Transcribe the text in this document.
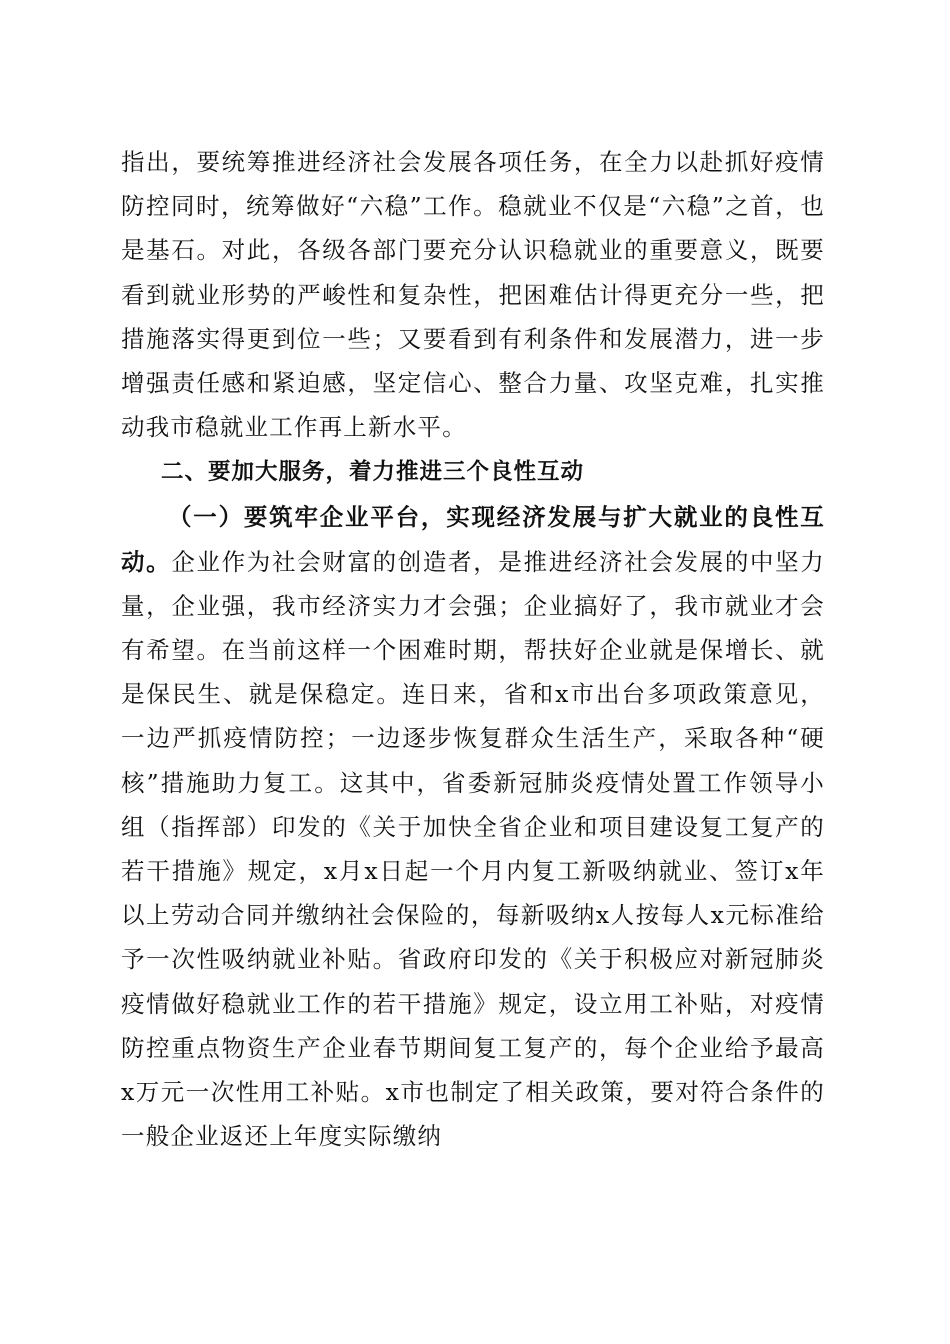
指出，要统筹推进经济社会发展各项任务，在全力以赴抓好疫情防控同时，统筹做好“六稳”工作。稳就业不仅是“六稳”之首，也是基石。对此，各级各部门要充分认识稳就业的重要意义，既要看到就业形势的严峻性和复杂性，把困难估计得更充分一些，把措施落实得更到位一些；又要看到有利条件和发展潜力，进一步增强责任感和紧迫感，坚定信心、整合力量、攻坚克难，扎实推动我市稳就业工作再上新水平。

二、要加大服务，着力推进三个良性互动

（一）要筑牢企业平台，实现经济发展与扩大就业的良性互动。企业作为社会财富的创造者，是推进经济社会发展的中坚力量，企业强，我市经济实力才会强；企业搞好了，我市就业才会有希望。在当前这样一个困难时期，帮扶好企业就是保增长、就是保民生、就是保稳定。连日来，省和x市出台多项政策意见，一边严抓疫情防控；一边逐步恢复群众生活生产，采取各种“硬核”措施助力复工。这其中，省委新冠肺炎疫情处置工作领导小组（指挥部）印发的《关于加快全省企业和项目建设复工复产的若干措施》规定，x月x日起一个月内复工新吸纳就业、签订x年以上劳动合同并缴纳社会保险的，每新吸纳x人按每人x元标准给予一次性吸纳就业补贴。省政府印发的《关于积极应对新冠肺炎疫情做好稳就业工作的若干措施》规定，设立用工补贴，对疫情防控重点物资生产企业春节期间复工复产的，每个企业给予最高x万元一次性用工补贴。x市也制定了相关政策，要对符合条件的一般企业返还上年度实际缴纳
